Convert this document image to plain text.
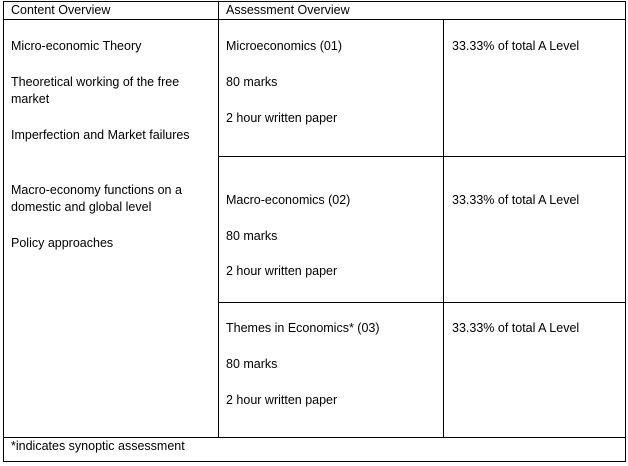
Content Overview	Assessment Overview
Micro-economic Theory
Theoretical working of the free market
Imperfection and Market failures
Macro-economy functions on a domestic and global level
Policy approaches
Microeconomics (01)
80 marks
2 hour written paper
33.33% of total A Level
Macro-economics (02)
80 marks
2 hour written paper
33.33% of total A Level
Themes in Economics* (03)
80 marks
2 hour written paper
33.33% of total A Level
*indicates synoptic assessment
